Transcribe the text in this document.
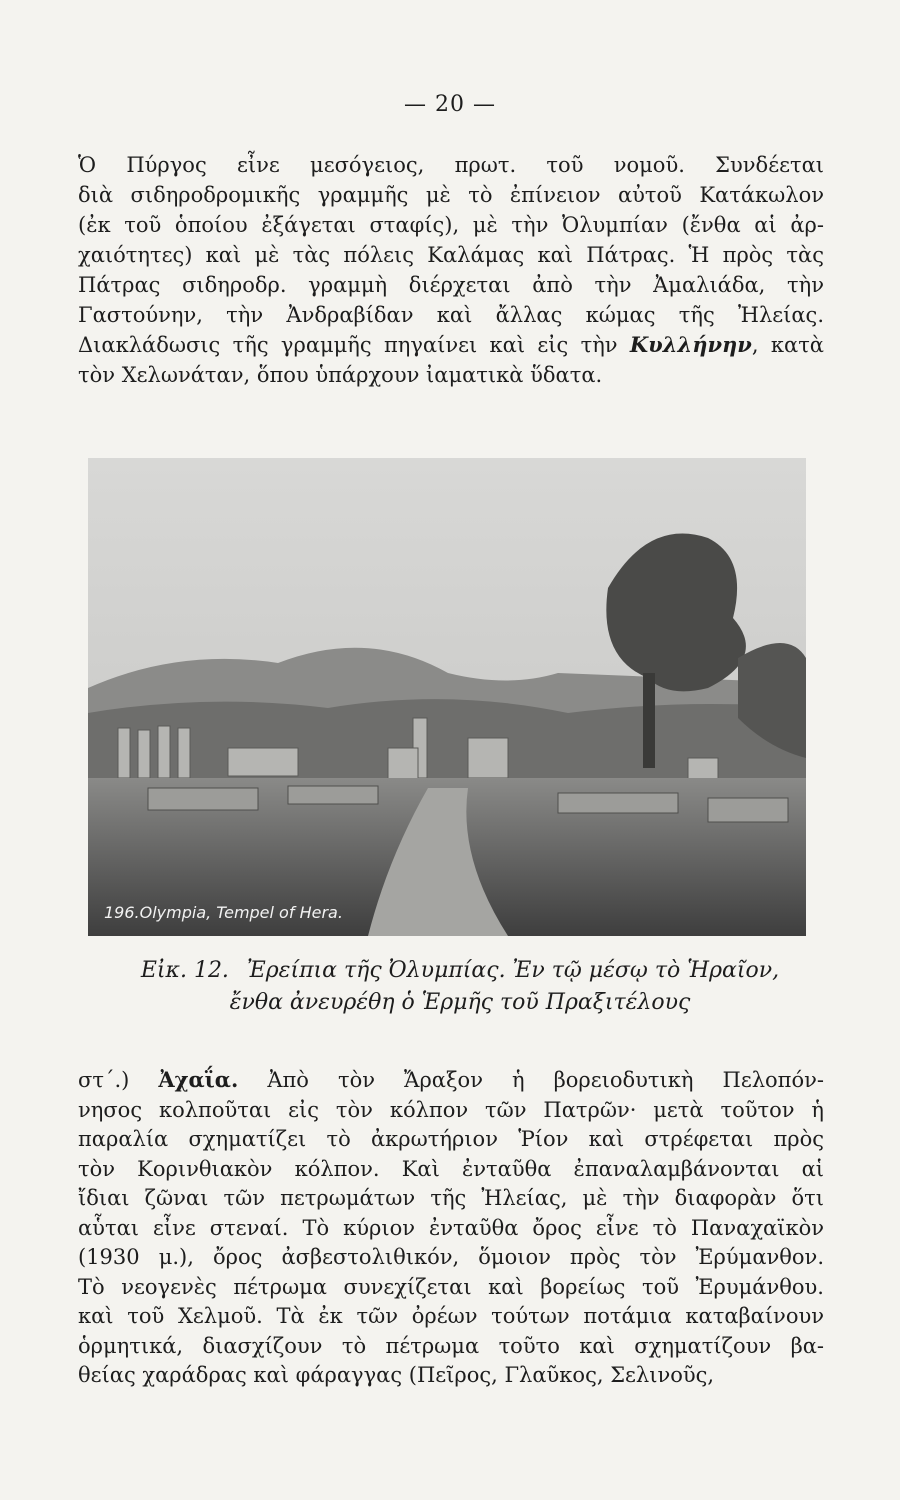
— 20 —
Ὁ Πύργος εἶνε μεσόγειος, πρωτ. τοῦ νομοῦ. Συνδέεται
διὰ σιδηροδρομικῆς γραμμῆς μὲ τὸ ἐπίνειον αὐτοῦ Κατάκωλον
(ἐκ τοῦ ὁποίου ἐξάγεται σταφίς), μὲ τὴν Ὀλυμπίαν (ἔνθα αἱ ἀρ-
χαιότητες) καὶ μὲ τὰς πόλεις Καλάμας καὶ Πάτρας. Ἡ πρὸς τὰς
Πάτρας σιδηροδρ. γραμμὴ διέρχεται ἀπὸ τὴν Ἀμαλιάδα, τὴν
Γαστούνην, τὴν Ἀνδραβίδαν καὶ ἄλλας κώμας τῆς Ἠλείας.
Διακλάδωσις τῆς γραμμῆς πηγαίνει καὶ εἰς τὴν Κυλλήνην, κατὰ
τὸν Χελωνάταν, ὅπου ὑπάρχουν ἰαματικὰ ὕδατα.
196.Olympia, Tempel of Hera.
Εἰκ. 12. Ἐρείπια τῆς Ὀλυμπίας. Ἐν τῷ μέσῳ τὸ Ἡραῖον,
ἔνθα ἀνευρέθη ὁ Ἑρμῆς τοῦ Πραξιτέλους
στ΄.) Ἀχαΐα. Ἀπὸ τὸν Ἄραξον ἡ βορειοδυτικὴ Πελοπόν-
νησος κολποῦται εἰς τὸν κόλπον τῶν Πατρῶν· μετὰ τοῦτον ἡ
παραλία σχηματίζει τὸ ἀκρωτήριον Ῥίον καὶ στρέφεται πρὸς
τὸν Κορινθιακὸν κόλπον. Καὶ ἐνταῦθα ἐπαναλαμβάνονται αἱ
ἴδιαι ζῶναι τῶν πετρωμάτων τῆς Ἠλείας, μὲ τὴν διαφορὰν ὅτι
αὗται εἶνε στεναί. Τὸ κύριον ἐνταῦθα ὄρος εἶνε τὸ Παναχαϊκὸν
(1930 μ.), ὄρος ἀσβεστολιθικόν, ὅμοιον πρὸς τὸν Ἐρύμανθον.
Τὸ νεογενὲς πέτρωμα συνεχίζεται καὶ βορείως τοῦ Ἐρυμάνθου.
καὶ τοῦ Χελμοῦ. Τὰ ἐκ τῶν ὀρέων τούτων ποτάμια καταβαίνουν
ὁρμητικά, διασχίζουν τὸ πέτρωμα τοῦτο καὶ σχηματίζουν βα-
θείας χαράδρας καὶ φάραγγας (Πεῖρος, Γλαῦκος, Σελινοῦς,
